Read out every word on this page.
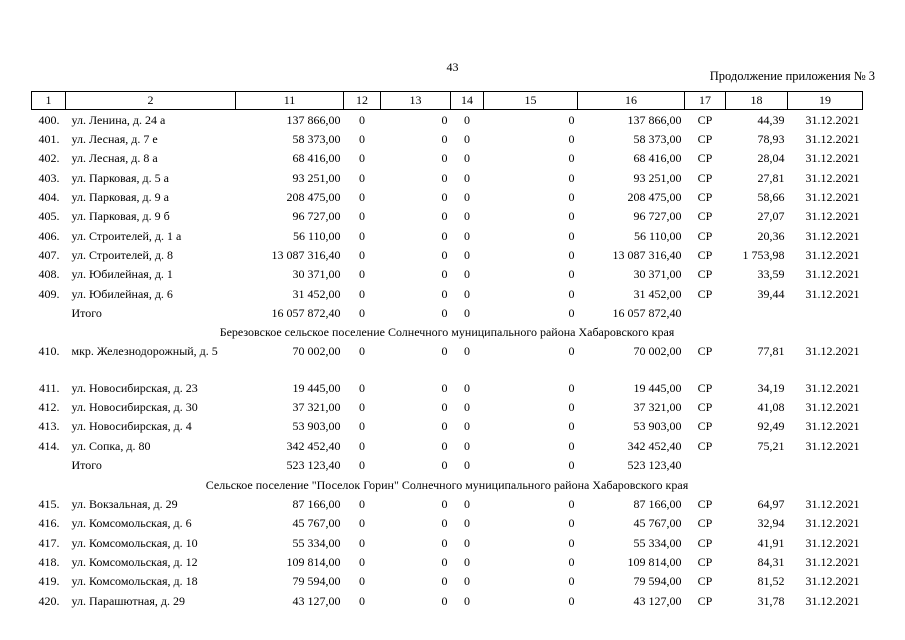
43
Продолжение приложения № 3
1	2	11	12	13	14	15	16	17	18	19
400.	ул. Ленина, д. 24 а	137 866,00	0	0	0	0	137 866,00	СР	44,39	31.12.2021
401.	ул. Лесная, д. 7 е	58 373,00	0	0	0	0	58 373,00	СР	78,93	31.12.2021
402.	ул. Лесная, д. 8 а	68 416,00	0	0	0	0	68 416,00	СР	28,04	31.12.2021
403.	ул. Парковая, д. 5 а	93 251,00	0	0	0	0	93 251,00	СР	27,81	31.12.2021
404.	ул. Парковая, д. 9 а	208 475,00	0	0	0	0	208 475,00	СР	58,66	31.12.2021
405.	ул. Парковая, д. 9 б	96 727,00	0	0	0	0	96 727,00	СР	27,07	31.12.2021
406.	ул. Строителей, д. 1 а	56 110,00	0	0	0	0	56 110,00	СР	20,36	31.12.2021
407.	ул. Строителей, д. 8	13 087 316,40	0	0	0	0	13 087 316,40	СР	1 753,98	31.12.2021
408.	ул. Юбилейная, д. 1	30 371,00	0	0	0	0	30 371,00	СР	33,59	31.12.2021
409.	ул. Юбилейная, д. 6	31 452,00	0	0	0	0	31 452,00	СР	39,44	31.12.2021
	Итого	16 057 872,40	0	0	0	0	16 057 872,40			
Березовское сельское поселение Солнечного муниципального района Хабаровского края										
410.	мкр. Железнодорожный, д. 5	70 002,00	0	0	0	0	70 002,00	СР	77,81	31.12.2021
411.	ул. Новосибирская, д. 23	19 445,00	0	0	0	0	19 445,00	СР	34,19	31.12.2021
412.	ул. Новосибирская, д. 30	37 321,00	0	0	0	0	37 321,00	СР	41,08	31.12.2021
413.	ул. Новосибирская, д. 4	53 903,00	0	0	0	0	53 903,00	СР	92,49	31.12.2021
414.	ул. Сопка, д. 80	342 452,40	0	0	0	0	342 452,40	СР	75,21	31.12.2021
	Итого	523 123,40	0	0	0	0	523 123,40			
Сельское поселение "Поселок Горин" Солнечного муниципального района Хабаровского края										
415.	ул. Вокзальная, д. 29	87 166,00	0	0	0	0	87 166,00	СР	64,97	31.12.2021
416.	ул. Комсомольская, д. 6	45 767,00	0	0	0	0	45 767,00	СР	32,94	31.12.2021
417.	ул. Комсомольская, д. 10	55 334,00	0	0	0	0	55 334,00	СР	41,91	31.12.2021
418.	ул. Комсомольская, д. 12	109 814,00	0	0	0	0	109 814,00	СР	84,31	31.12.2021
419.	ул. Комсомольская, д. 18	79 594,00	0	0	0	0	79 594,00	СР	81,52	31.12.2021
420.	ул. Парашютная, д. 29	43 127,00	0	0	0	0	43 127,00	СР	31,78	31.12.2021
